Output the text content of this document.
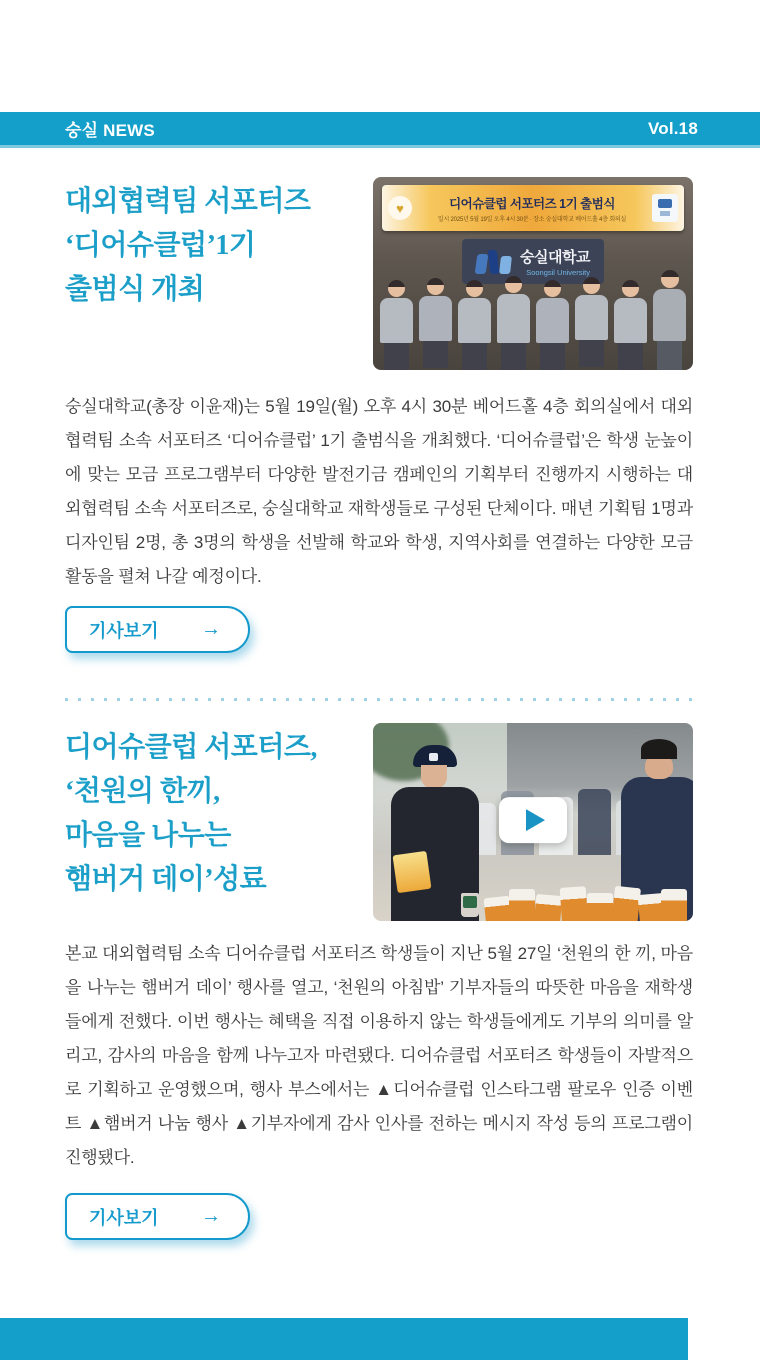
숭실 NEWS	Vol.18
대외협력팀 서포터즈
‘디어슈클럽’1기
출범식 개최
♥	디어슈클럽 서포터즈 1기 출범식
일시 2025년 5월 19일 오후 4시 30분 · 장소 숭실대학교 베어드홀 4층 회의실
숭실대학교
Soongsil University

숭실대학교(총장 이윤재)는 5월 19일(월) 오후 4시 30분 베어드홀 4층 회의실에서 대외협력팀 소속 서포터즈 ‘디어슈클럽’ 1기 출범식을 개최했다. ‘디어슈클럽’은 학생 눈높이에 맞는 모금 프로그램부터 다양한 발전기금 캠페인의 기획부터 진행까지 시행하는 대외협력팀 소속 서포터즈로, 숭실대학교 재학생들로 구성된 단체이다. 매년 기획팀 1명과 디자인팀 2명, 총 3명의 학생을 선발해 학교와 학생, 지역사회를 연결하는 다양한 모금 활동을 펼쳐 나갈 예정이다.

기사보기 →
디어슈클럽 서포터즈,
‘천원의 한끼,
마음을 나누는
햄버거 데이’성료

본교 대외협력팀 소속 디어슈클럽 서포터즈 학생들이 지난 5월 27일 ‘천원의 한 끼, 마음을 나누는 햄버거 데이’ 행사를 열고, ‘천원의 아침밥’ 기부자들의 따뜻한 마음을 재학생들에게 전했다. 이번 행사는 혜택을 직접 이용하지 않는 학생들에게도 기부의 의미를 알리고, 감사의 마음을 함께 나누고자 마련됐다. 디어슈클럽 서포터즈 학생들이 자발적으로 기획하고 운영했으며, 행사 부스에서는 ▲디어슈클럽 인스타그램 팔로우 인증 이벤트 ▲햄버거 나눔 행사 ▲기부자에게 감사 인사를 전하는 메시지 작성 등의 프로그램이 진행됐다.

기사보기 →
